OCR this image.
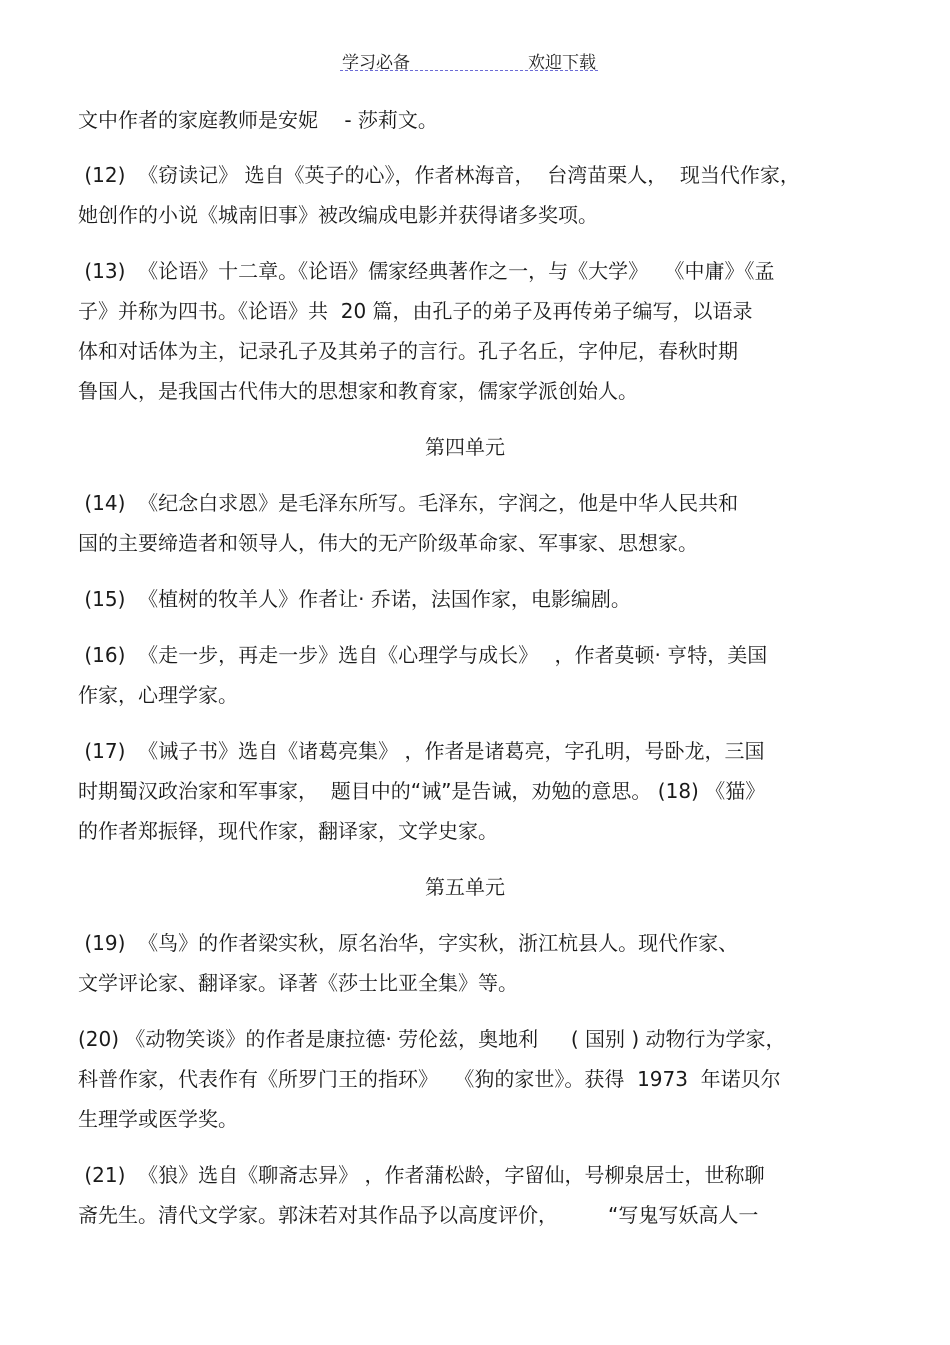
学习必备	欢迎下载
文中作者的家庭教师是安妮　 - 莎莉文。
(12)  《窃读记》 选自《英子的心》，作者林海音，  台湾苗栗人，  现当代作家，
她创作的小说《城南旧事》被改编成电影并获得诸多奖项。
(13)  《论语》十二章。《论语》儒家经典著作之一，与《大学》　 《中庸》《孟
子》并称为四书。《论语》共  20 篇，由孔子的弟子及再传弟子编写，以语录
体和对话体为主，记录孔子及其弟子的言行。孔子名丘，字仲尼，春秋时期
鲁国人，是我国古代伟大的思想家和教育家，儒家学派创始人。
第四单元
(14)  《纪念白求恩》是毛泽东所写。毛泽东，字润之，他是中华人民共和
国的主要缔造者和领导人，伟大的无产阶级革命家、军事家、思想家。
(15)  《植树的牧羊人》作者让· 乔诺，法国作家，电影编剧。
(16)  《走一步，再走一步》选自《心理学与成长》　 ，作者莫顿· 亨特，美国
作家，心理学家。
(17)  《诫子书》选自《诸葛亮集》 ，作者是诸葛亮，字孔明，号卧龙，三国
时期蜀汉政治家和军事家，  题目中的“诫”是告诫，劝勉的意思。 (18) 《猫》
的作者郑振铎，现代作家，翻译家，文学史家。
第五单元
(19)  《鸟》的作者梁实秋，原名治华，字实秋，浙江杭县人。现代作家、
文学评论家、翻译家。译著《莎士比亚全集》等。
(20) 《动物笑谈》的作者是康拉德· 劳伦兹，奥地利　  ( 国别 ) 动物行为学家，
科普作家，代表作有《所罗门王的指环》　 《狗的家世》。获得  1973  年诺贝尔
生理学或医学奖。
(21)  《狼》选自《聊斋志异》 ，作者蒲松龄，字留仙，号柳泉居士，世称聊
斋先生。清代文学家。郭沫若对其作品予以高度评价，　　　“写鬼写妖高人一
